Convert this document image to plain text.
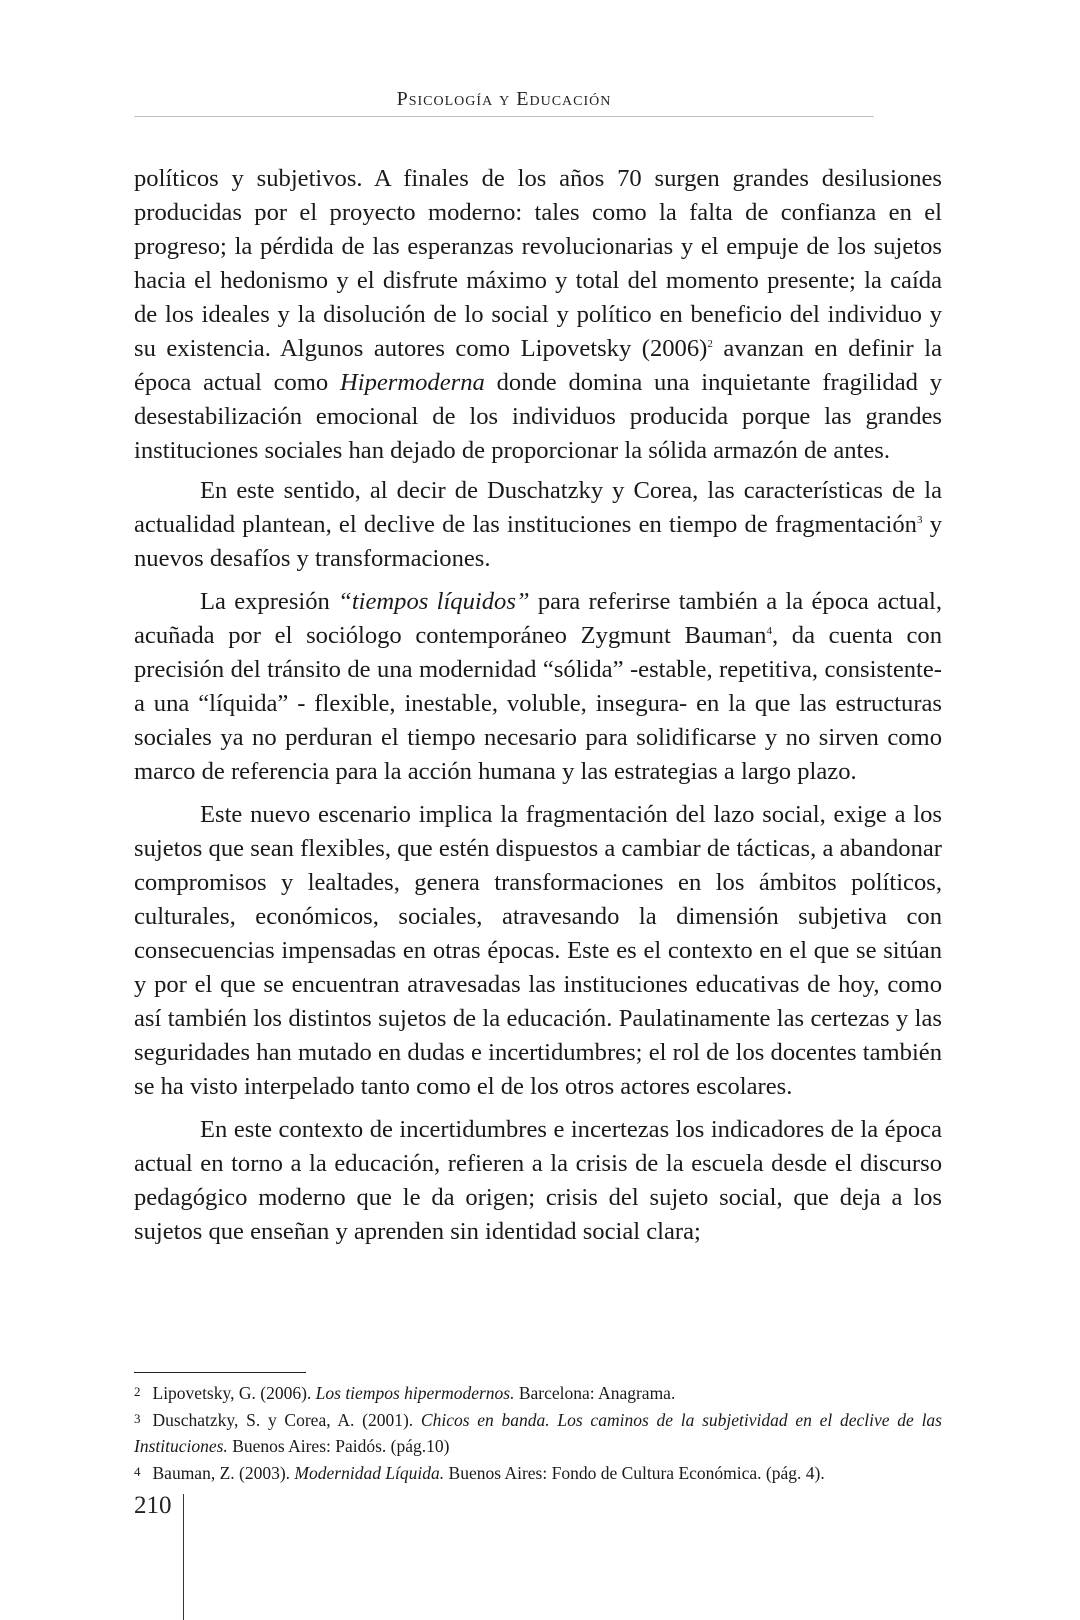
Psicología y Educación

políticos y subjetivos. A finales de los años 70 surgen grandes desilusiones producidas por el proyecto moderno: tales como la falta de confianza en el progreso; la pérdida de las esperanzas revolucionarias y el empuje de los sujetos hacia el hedonismo y el disfrute máximo y total del momento presente; la caída de los ideales y la disolución de lo social y político en beneficio del individuo y su existencia. Algunos autores como Lipovetsky $(2006)^2$ avanzan en definir la época actual como Hipermoderna donde domina una inquietante fragilidad y desestabilización emocional de los individuos producida porque las grandes instituciones sociales han dejado de proporcionar la sólida armazón de antes.

En este sentido, al decir de Duschatzky y Corea, las características de la actualidad plantean, el declive de las instituciones en tiempo de fragmentación$^3$ y nuevos desafíos y transformaciones.

La expresión “tiempos líquidos” para referirse también a la época actual, acuñada por el sociólogo contemporáneo Zygmunt Bauman$^4$, da cuenta con precisión del tránsito de una modernidad “sólida” -estable, repetitiva, consistente- a una “líquida” - flexible, inestable, voluble, insegura- en la que las estructuras sociales ya no perduran el tiempo necesario para solidificarse y no sirven como marco de referencia para la acción humana y las estrategias a largo plazo.

Este nuevo escenario implica la fragmentación del lazo social, exige a los sujetos que sean flexibles, que estén dispuestos a cambiar de tácticas, a abandonar compromisos y lealtades, genera transformaciones en los ámbitos políticos, culturales, económicos, sociales, atravesando la dimensión subjetiva con consecuencias impensadas en otras épocas. Este es el contexto en el que se sitúan y por el que se encuentran atravesadas las instituciones educativas de hoy, como así también los distintos sujetos de la educación. Paulatinamente las certezas y las seguridades han mutado en dudas e incertidumbres; el rol de los docentes también se ha visto interpelado tanto como el de los otros actores escolares.

En este contexto de incertidumbres e incertezas los indicadores de la época actual en torno a la educación, refieren a la crisis de la escuela desde el discurso pedagógico moderno que le da origen; crisis del sujeto social, que deja a los sujetos que enseñan y aprenden sin identidad social clara;

2 Lipovetsky, G. (2006). Los tiempos hipermodernos. Barcelona: Anagrama.

3 Duschatzky, S. y Corea, A. (2001). Chicos en banda. Los caminos de la subjetividad en el declive de las Instituciones. Buenos Aires: Paidós. (pág.10)

4 Bauman, Z. (2003). Modernidad Líquida. Buenos Aires: Fondo de Cultura Económica. (pág. 4).

210
